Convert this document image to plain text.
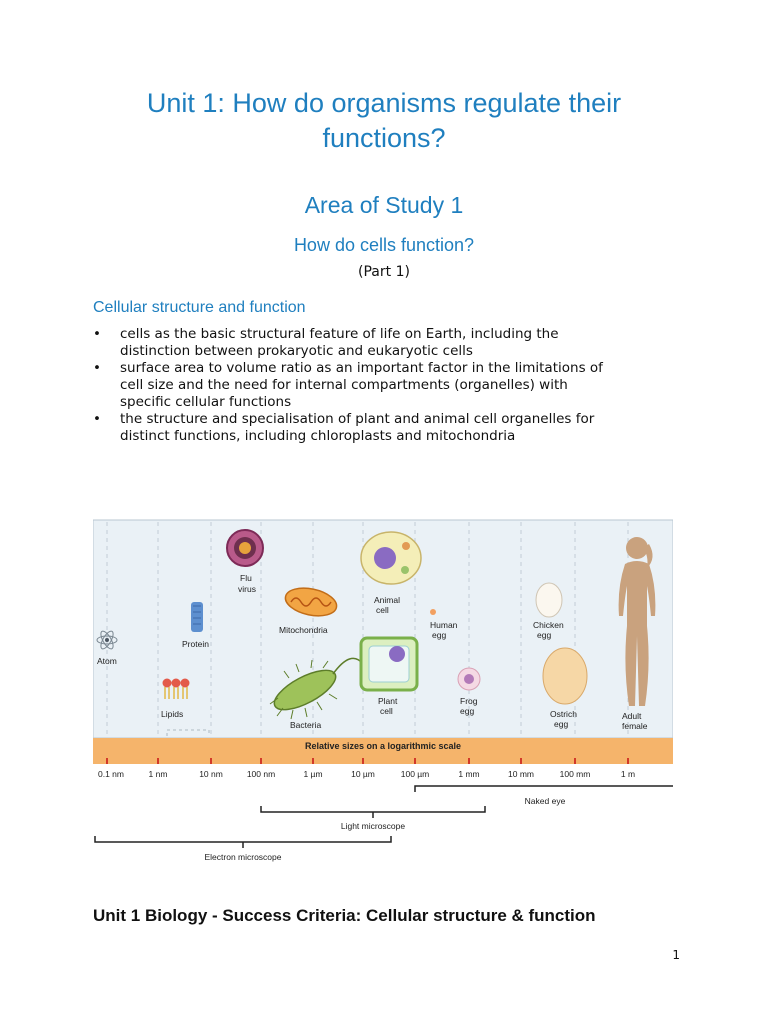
Unit 1: How do organisms regulate their
functions?
Area of Study 1
How do cells function?
(Part 1)
Cellular structure and function
• cells as the basic structural feature of life on Earth, including the
distinction between prokaryotic and eukaryotic cells
• surface area to volume ratio as an important factor in the limitations of
cell size and the need for internal compartments (organelles) with
specific cellular functions
• the structure and specialisation of plant and animal cell organelles for
distinct functions, including chloroplasts and mitochondria
Atom
Lipids
Protein
Flu
virus
Mitochondria
Bacteria
Animal
cell
Plant
cell
Human
egg
Frog
egg
Chicken
egg
Ostrich
egg
Adult
female
Relative sizes on a logarithmic scale
0.1 nm	1 nm	10 nm	100 nm	1 µm	10 µm	100 µm	1 mm	10 mm	100 mm	1 m
Naked eye
Light microscope
Electron microscope
Unit 1 Biology - Success Criteria: Cellular structure & function
1
